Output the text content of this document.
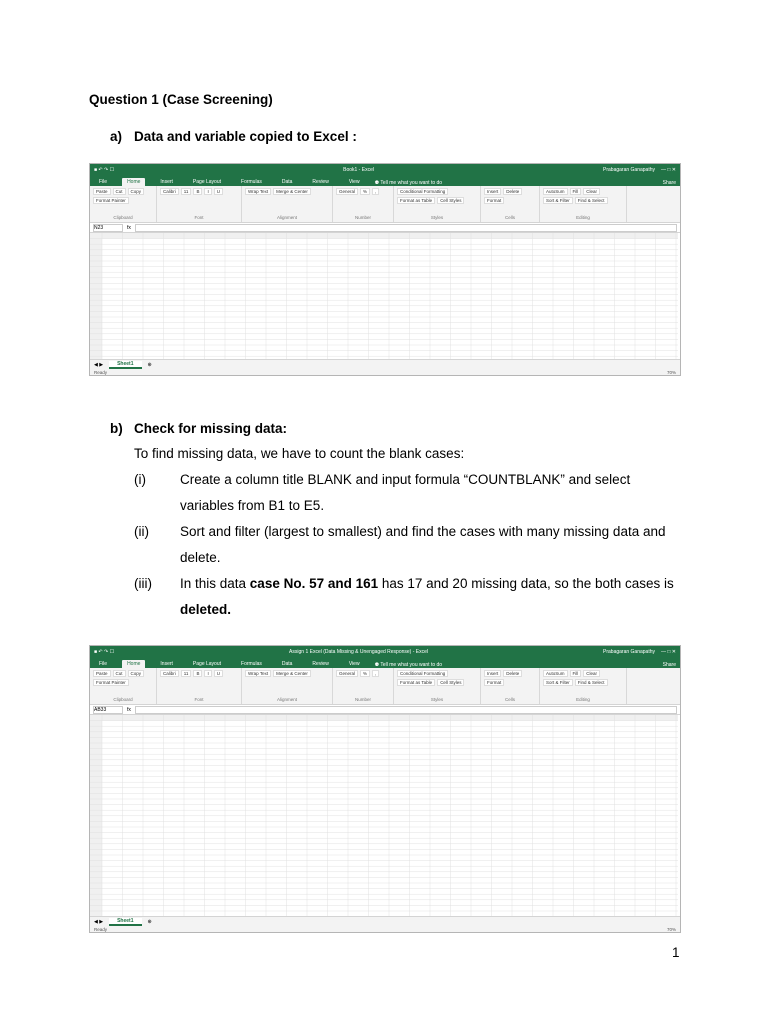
Question 1 (Case Screening)
a) Data and variable copied to Excel :
■ ↶ ↷ ☐	Book1 - Excel	Prabagaran Ganapathy — □ ✕
File	Home	Insert	Page Layout	Formulas	Data	Review	View	⚉ Tell me what you want to do	Share
Paste	Cut	Copy
Format Painter
Clipboard
Calibri	11	B	I	U
Font
Wrap Text	Merge & Center
Alignment
General	%	,
Number
Conditional Formatting
Format as Table	Cell Styles
Styles
Insert	Delete
Format
Cells
AutoSum	Fill	Clear
Sort & Filter	Find & Select
Editing
N23	fx
◀ ▶	Sheet1	⊕
Ready	70%
b) Check for missing data:
To find missing data, we have to count the blank cases:
(i)	Create a column title BLANK and input formula “COUNTBLANK” and select
variables from B1 to E5.
(ii) Sort and filter (largest to smallest) and find the cases with many missing data and
delete.
(iii) In this data case No. 57 and 161 has 17 and 20 missing data, so the both cases is
deleted.
■ ↶ ↷ ☐	Assign 1 Excel (Data Missing & Unengaged Response) - Excel	Prabagaran Ganapathy — □ ✕
File	Home	Insert	Page Layout	Formulas	Data	Review	View	⚉ Tell me what you want to do	Share
Paste	Cut	Copy
Format Painter
Clipboard
Calibri	11	B	I	U
Font
Wrap Text	Merge & Center
Alignment
General	%	,
Number
Conditional Formatting
Format as Table	Cell Styles
Styles
Insert	Delete
Format
Cells
AutoSum	Fill	Clear
Sort & Filter	Find & Select
Editing
AB33	fx
◀ ▶	Sheet1	⊕
Ready	70%
1
